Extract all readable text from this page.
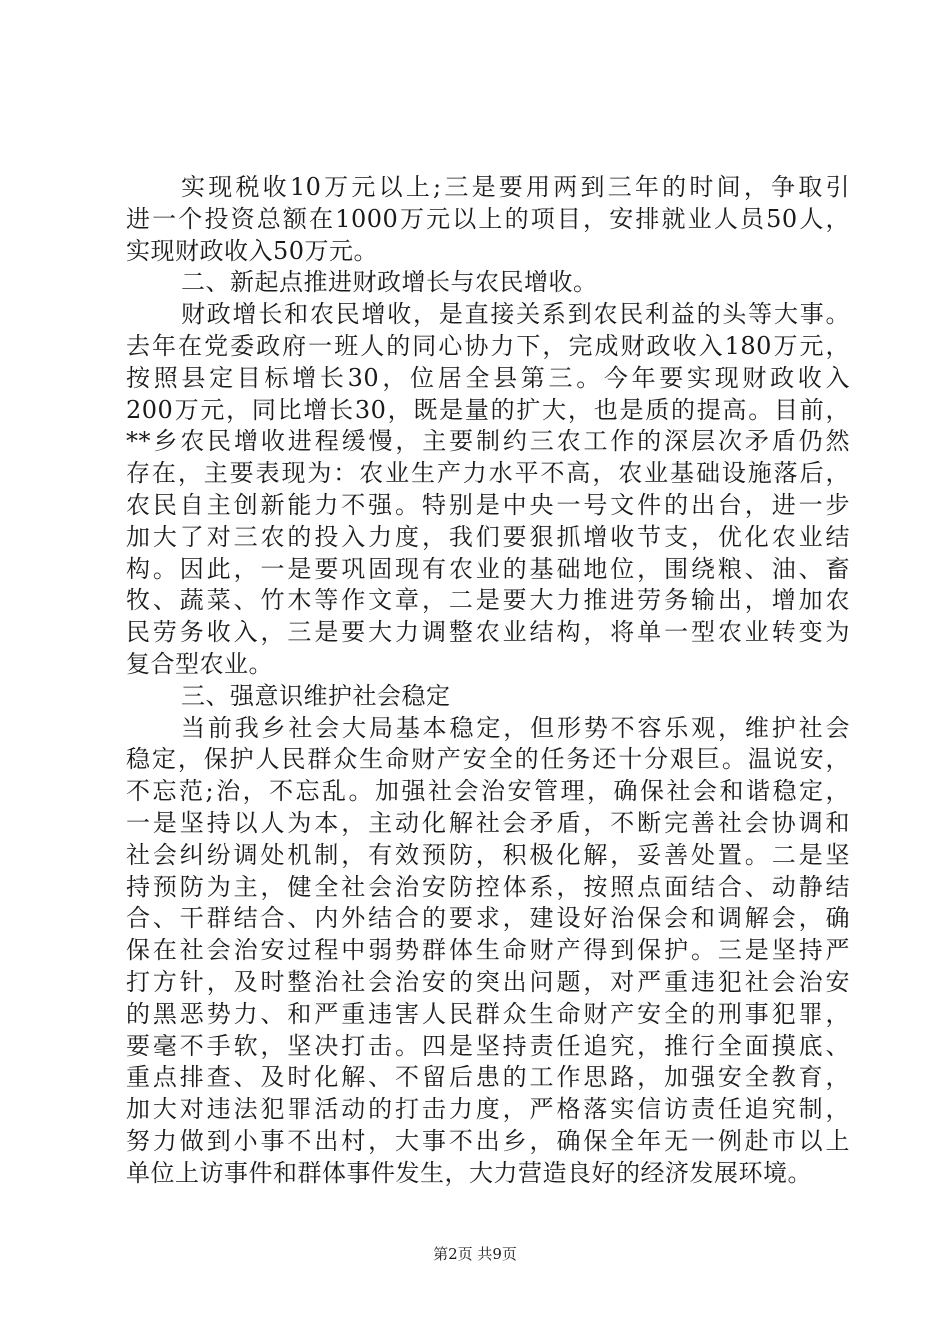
实现税收10万元以上;三是要用两到三年的时间，争取引
进一个投资总额在1000万元以上的项目，安排就业人员50人，
实现财政收入50万元。
二、新起点推进财政增长与农民增收。
财政增长和农民增收，是直接关系到农民利益的头等大事。
去年在党委政府一班人的同心协力下，完成财政收入180万元，
按照县定目标增长30，位居全县第三。今年要实现财政收入
200万元，同比增长30，既是量的扩大，也是质的提高。目前，
**乡农民增收进程缓慢，主要制约三农工作的深层次矛盾仍然
存在，主要表现为：农业生产力水平不高，农业基础设施落后，
农民自主创新能力不强。特别是中央一号文件的出台，进一步
加大了对三农的投入力度，我们要狠抓增收节支，优化农业结
构。因此，一是要巩固现有农业的基础地位，围绕粮、油、畜
牧、蔬菜、竹木等作文章，二是要大力推进劳务输出，增加农
民劳务收入，三是要大力调整农业结构，将单一型农业转变为
复合型农业。
三、强意识维护社会稳定
当前我乡社会大局基本稳定，但形势不容乐观，维护社会
稳定，保护人民群众生命财产安全的任务还十分艰巨。温说安，
不忘范;治，不忘乱。加强社会治安管理，确保社会和谐稳定，
一是坚持以人为本，主动化解社会矛盾，不断完善社会协调和
社会纠纷调处机制，有效预防，积极化解，妥善处置。二是坚
持预防为主，健全社会治安防控体系，按照点面结合、动静结
合、干群结合、内外结合的要求，建设好治保会和调解会，确
保在社会治安过程中弱势群体生命财产得到保护。三是坚持严
打方针，及时整治社会治安的突出问题，对严重违犯社会治安
的黑恶势力、和严重违害人民群众生命财产安全的刑事犯罪，
要毫不手软，坚决打击。四是坚持责任追究，推行全面摸底、
重点排查、及时化解、不留后患的工作思路，加强安全教育，
加大对违法犯罪活动的打击力度，严格落实信访责任追究制，
努力做到小事不出村，大事不出乡，确保全年无一例赴市以上
单位上访事件和群体事件发生，大力营造良好的经济发展环境。
第2页 共9页
